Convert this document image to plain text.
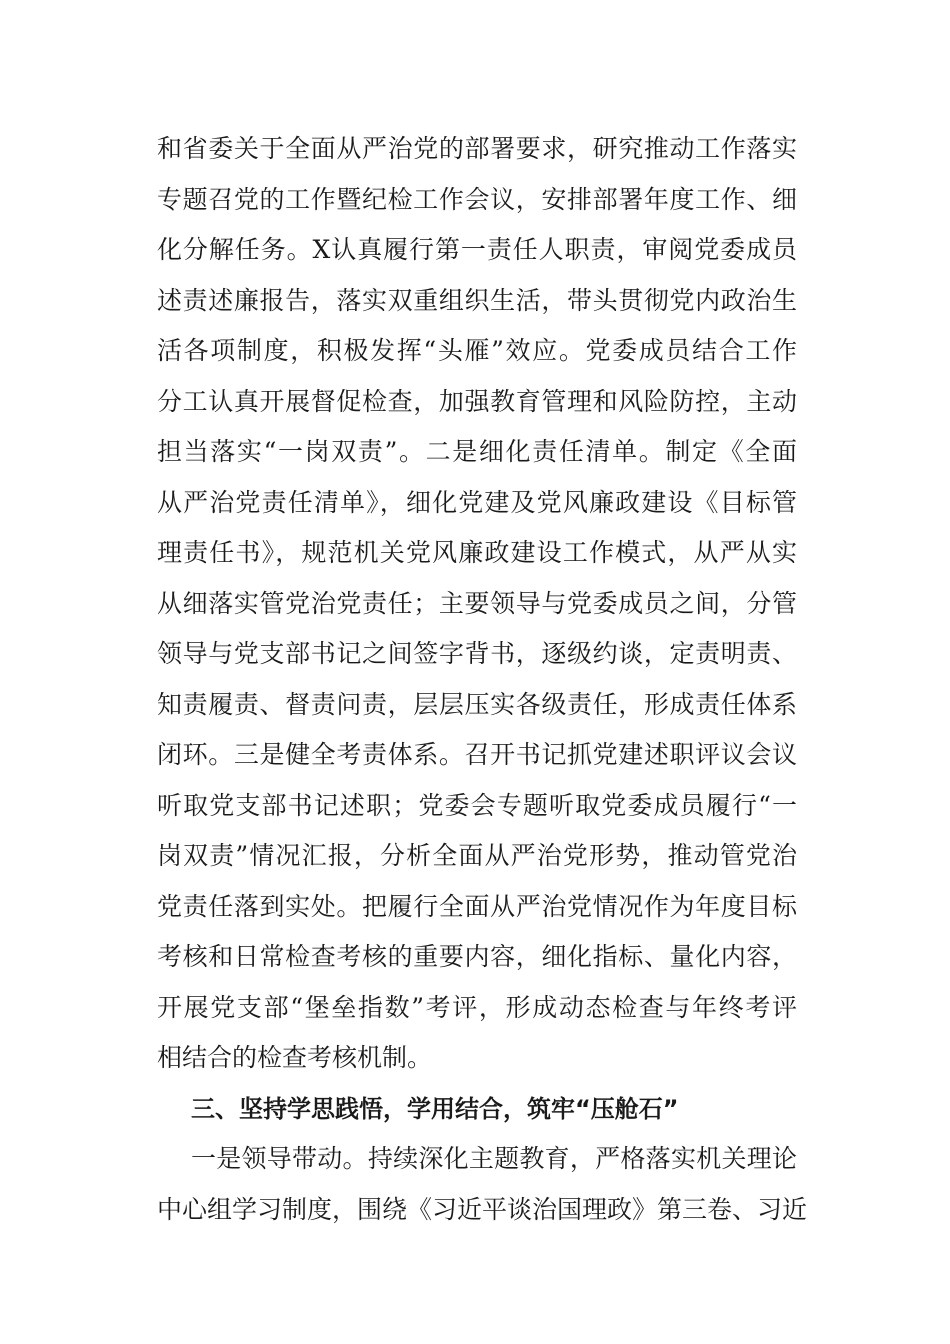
和省委关于全面从严治党的部署要求，研究推动工作落实
专题召党的工作暨纪检工作会议，安排部署年度工作、细
化分解任务。X认真履行第一责任人职责，审阅党委成员
述责述廉报告，落实双重组织生活，带头贯彻党内政治生
活各项制度，积极发挥“头雁”效应。党委成员结合工作
分工认真开展督促检查，加强教育管理和风险防控，主动
担当落实“一岗双责”。二是细化责任清单。制定《全面
从严治党责任清单》，细化党建及党风廉政建设《目标管
理责任书》，规范机关党风廉政建设工作模式，从严从实
从细落实管党治党责任；主要领导与党委成员之间，分管
领导与党支部书记之间签字背书，逐级约谈，定责明责、
知责履责、督责问责，层层压实各级责任，形成责任体系
闭环。三是健全考责体系。召开书记抓党建述职评议会议
听取党支部书记述职；党委会专题听取党委成员履行“一
岗双责”情况汇报，分析全面从严治党形势，推动管党治
党责任落到实处。把履行全面从严治党情况作为年度目标
考核和日常检查考核的重要内容，细化指标、量化内容，
开展党支部“堡垒指数”考评，形成动态检查与年终考评
相结合的检查考核机制。
三、坚持学思践悟，学用结合，筑牢“压舱石”
一是领导带动。持续深化主题教育，严格落实机关理论
中心组学习制度，围绕《习近平谈治国理政》第三卷、习近
